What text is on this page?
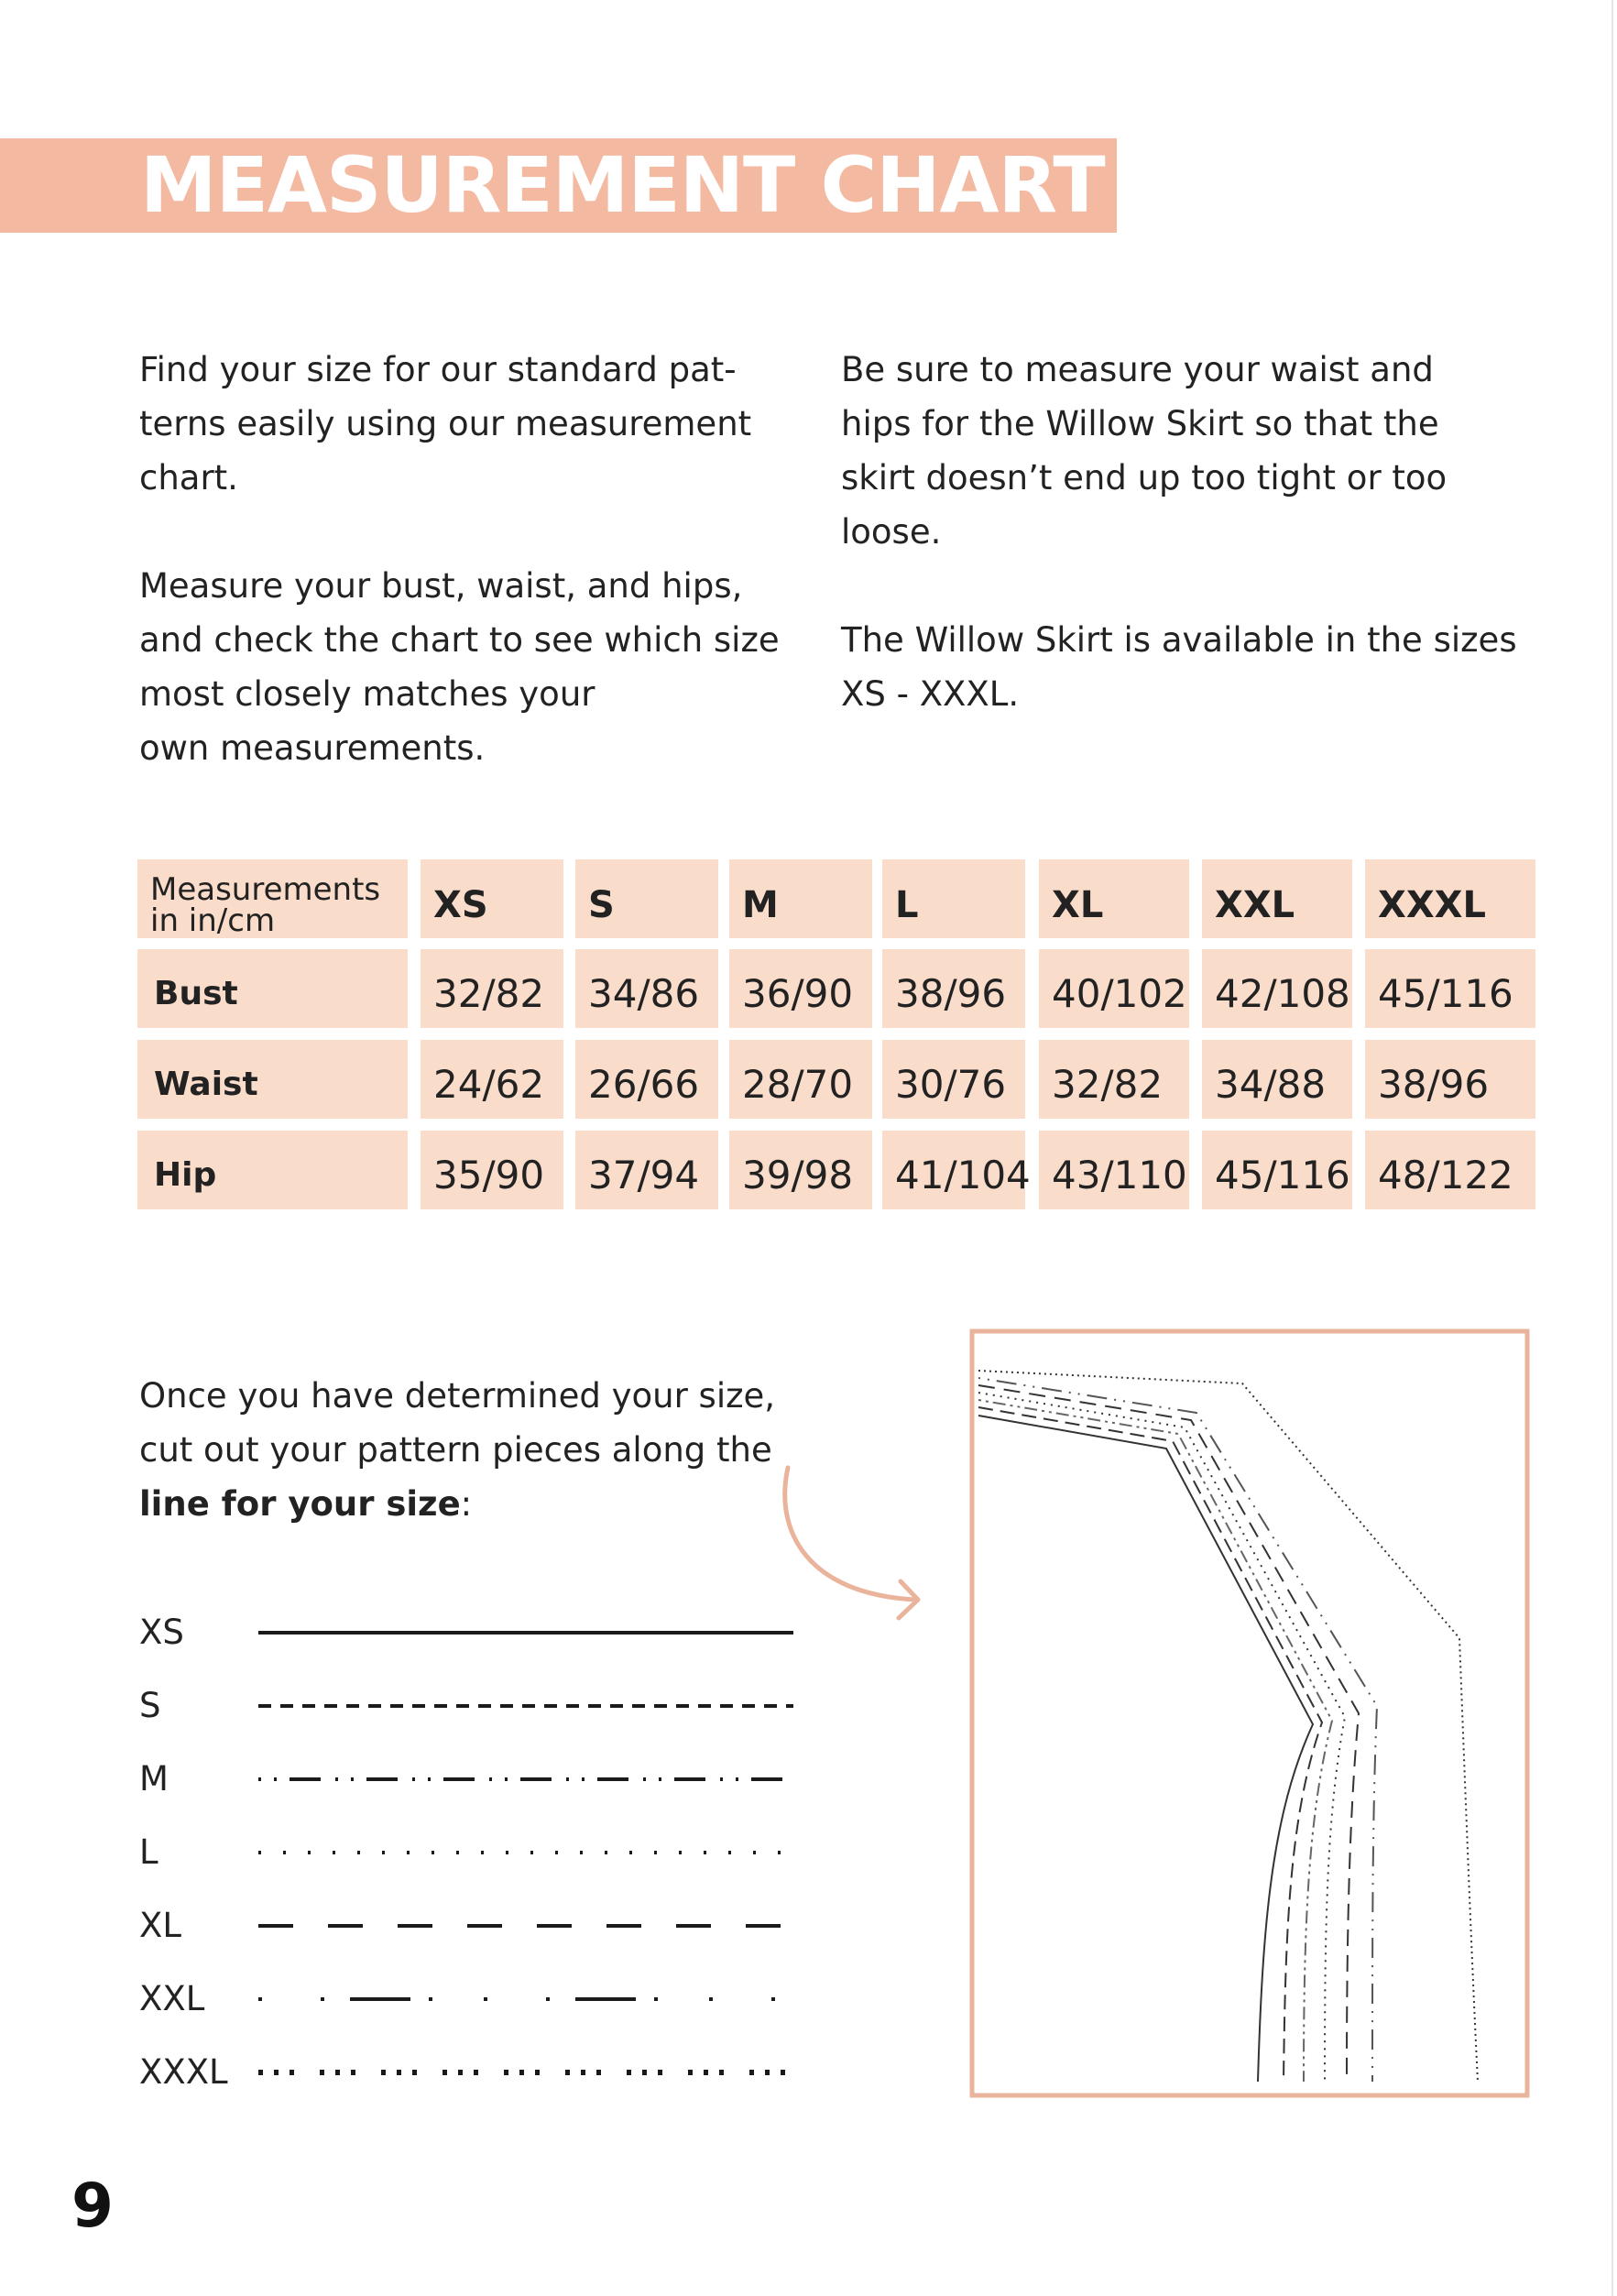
MEASUREMENT CHART
Find your size for our standard pat-
terns easily using our measurement
chart.
Measure your bust, waist, and hips,
and check the chart to see which size
most closely matches your
own measurements.
Be sure to measure your waist and
hips for the Willow Skirt so that the
skirt doesn’t end up too tight or too
loose.
The Willow Skirt is available in the sizes
XS - XXXL.
Measurements
in in/cm	XS	S	M	L	XL	XXL	XXXL
Bust	32/82	34/86	36/90	38/96	40/102 42/108 45/116
Waist	24/62	26/66	28/70	30/76	32/82	34/88	38/96
Hip	35/90	37/94	39/98	41/104 43/110 45/116 48/122
Once you have determined your size,
cut out your pattern pieces along the
line for your size:
XS
S
M
L
XL
XXL
XXXL
9
